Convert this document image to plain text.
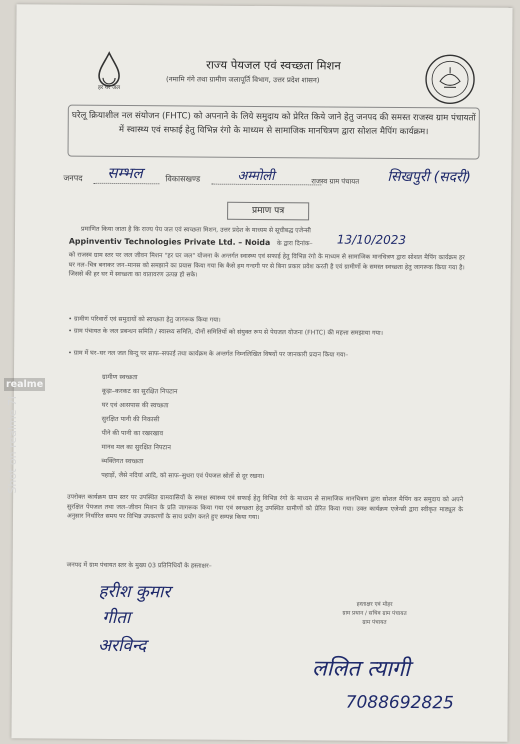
हर घर जल
राज्य पेयजल एवं स्वच्छता मिशन
(नमामि गंगे तथा ग्रामीण जलापूर्ति विभाग, उत्तर प्रदेश शासन)
घरेलू क्रियाशील नल संयोजन (FHTC) को अपनाने के लिये समुदाय को प्रेरित किये जाने हेतु जनपद की समस्त राजस्व ग्राम पंचायतों में स्वास्थ्य एवं सफाई हेतु विभिन्न रंगो के माध्यम से सामाजिक मानचित्रण द्वारा सोशल मैपिंग कार्यक्रम।
जनपद सम्भल	विकासखण्ड	अम्मोली	राजस्व ग्राम पंचायत सिखपुरी (सदरी)
प्रमाण पत्र
प्रमाणित किया जाता है कि राज्य पेय जल एवं स्वच्छता मिशन, उत्तर प्रदेश के माध्यम से सूचीबद्ध एजेन्सी
Appinventiv Technologies Private Ltd. – Noida के द्वारा दिनांक–	13/10/2023
को राजस्व ग्राम स्तर पर जल जीवन मिशन "हर घर जल" योजना के अन्तर्गत स्वास्थ्य एवं सफाई हेतु विभिन्न रंगो के माध्यम से सामाजिक मानचित्रण द्वारा सोशल मैपिंग कार्यक्रम हर घर नल–चित्र बनाकर जन–मानस को समझाने का प्रयास किया गया कि कैसे हम गन्दगी पर से बिना प्रकार प्रवेश करती है एवं ग्रामीणों के समस्त स्वच्छता हेतु जागरूक किया गया है। जिससे की हर घर में स्वच्छता का वातावरण उत्पन्न हो सके।
• ग्रामीण परिवारों एवं समुदायों को स्वच्छता हेतु जागरूक किया गया।
• ग्राम पंचायत के जल प्रबन्धन समिति / स्वास्थ्य समिति, दोनों समितियों को संयुक्त रूप से पेयजल योजना (FHTC) की महत्ता समझाया गया।
• ग्राम में घर–घर नल जल बिन्दु पर साफ–सफाई तथा कार्यक्रम के अन्तर्गत निम्नलिखित विषयों पर जानकारी प्रदान किया गया–
ग्रामीण स्वच्छता
कूड़ा–करकट का सुरक्षित निपटान
घर एवं आसपास की स्वच्छता
सुरक्षित पानी की निकासी
पीने की पानी का रखरखाव
मानव मल का सुरक्षित निपटान
व्यक्तिगत स्वच्छता
पहाड़ों, जैसे नदियां आदि, को साफ–सुथरा एवं पेयजल स्रोतों से दूर रखना।
उपरोक्त कार्यक्रम ग्राम स्तर पर उपस्थित ग्रामवासियों के समक्ष स्वास्थ्य एवं सफाई हेतु विभिन्न रंगो के माध्यम से सामाजिक मानचित्रण द्वारा सोशल मैपिंग कर समुदाय को अपने सुरक्षित पेयजल तथा जल–जीवन मिशन के प्रति जागरूक किया गया एवं स्वच्छता हेतु उपस्थित ग्रामीणों को प्रेरित किया गया। उक्त कार्यक्रम एजेन्सी द्वारा स्वीकृत माड्यूल के अनुसार निर्धारित समय पर विभिन्न उपकरणों के साथ प्रयोग करते हुए सम्पन्न किया गया।
जनपद में ग्राम पंचायत स्तर के मुख्य 03 प्रतिनिधियों के हस्ताक्षर–
हरीश कुमार
गीता
अरविन्द
हस्ताक्षर एवं मोहर
ग्राम प्रधान / सचिव ग्राम पंचायत
ग्राम पंचायत
ललित त्यागी
7088692825
realme
Shot on realme 7i
